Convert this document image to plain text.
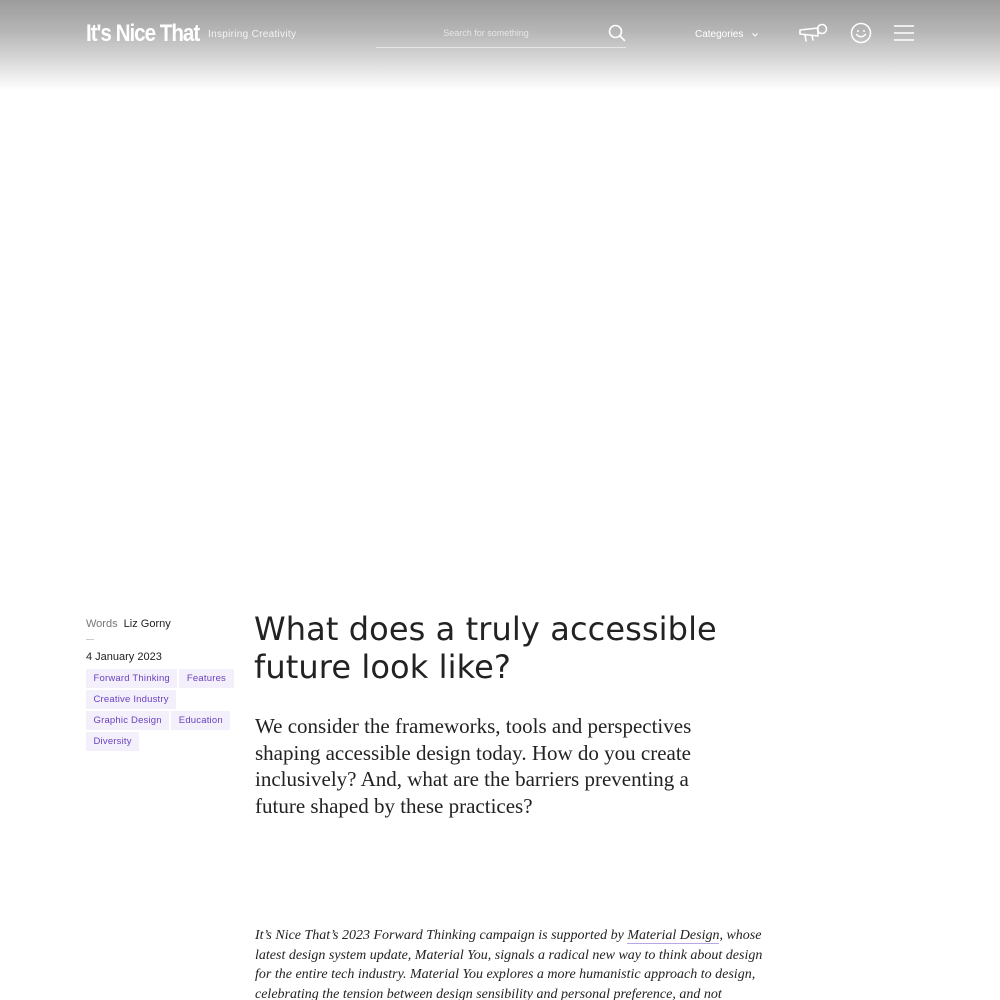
It's Nice That Inspiring Creativity
Search for something	Categories
Words Liz Gorny
4 January 2023
Forward Thinking	Features
Creative Industry
Graphic Design	Education
Diversity
What does a truly accessible future look like?

We consider the frameworks, tools and perspectives shaping accessible design today. How do you create inclusively? And, what are the barriers preventing a future shaped by these practices?

It’s Nice That’s 2023 Forward Thinking campaign is supported by Material Design, whose latest design system update, Material You, signals a radical new way to think about design for the entire tech industry. Material You explores a more humanistic approach to design, celebrating the tension between design sensibility and personal preference, and not
